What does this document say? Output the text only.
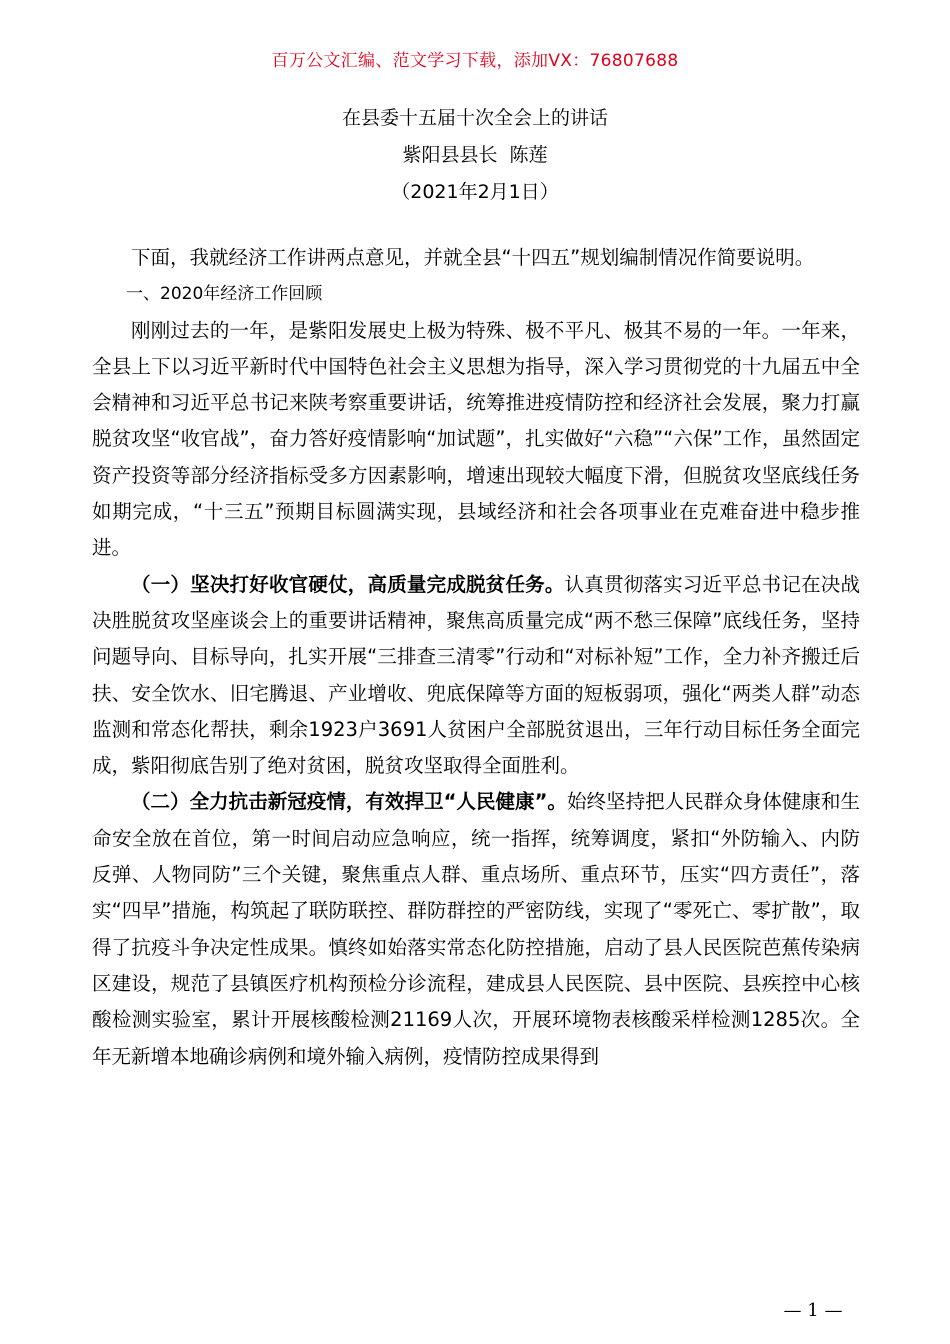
百万公文汇编、范文学习下载，添加VX：76807688
在县委十五届十次全会上的讲话
紫阳县县长  陈莲
（2021年2月1日）

下面，我就经济工作讲两点意见，并就全县“十四五”规划编制情况作简要说明。

一、2020年经济工作回顾

刚刚过去的一年，是紫阳发展史上极为特殊、极不平凡、极其不易的一年。一年来，全县上下以习近平新时代中国特色社会主义思想为指导，深入学习贯彻党的十九届五中全会精神和习近平总书记来陕考察重要讲话，统筹推进疫情防控和经济社会发展，聚力打赢脱贫攻坚“收官战”，奋力答好疫情影响“加试题”，扎实做好“六稳”“六保”工作，虽然固定资产投资等部分经济指标受多方因素影响，增速出现较大幅度下滑，但脱贫攻坚底线任务如期完成，“十三五”预期目标圆满实现，县域经济和社会各项事业在克难奋进中稳步推进。

（一）坚决打好收官硬仗，高质量完成脱贫任务。认真贯彻落实习近平总书记在决战决胜脱贫攻坚座谈会上的重要讲话精神，聚焦高质量完成“两不愁三保障”底线任务，坚持问题导向、目标导向，扎实开展“三排查三清零”行动和“对标补短”工作，全力补齐搬迁后扶、安全饮水、旧宅腾退、产业增收、兜底保障等方面的短板弱项，强化“两类人群”动态监测和常态化帮扶，剩余1923户3691人贫困户全部脱贫退出，三年行动目标任务全面完成，紫阳彻底告别了绝对贫困，脱贫攻坚取得全面胜利。

（二）全力抗击新冠疫情，有效捍卫“人民健康”。始终坚持把人民群众身体健康和生命安全放在首位，第一时间启动应急响应，统一指挥，统筹调度，紧扣“外防输入、内防反弹、人物同防”三个关键，聚焦重点人群、重点场所、重点环节，压实“四方责任”，落实“四早”措施，构筑起了联防联控、群防群控的严密防线，实现了“零死亡、零扩散”，取得了抗疫斗争决定性成果。慎终如始落实常态化防控措施，启动了县人民医院芭蕉传染病区建设，规范了县镇医疗机构预检分诊流程，建成县人民医院、县中医院、县疾控中心核酸检测实验室，累计开展核酸检测21169人次，开展环境物表核酸采样检测1285次。全年无新增本地确诊病例和境外输入病例，疫情防控成果得到

— 1 —
